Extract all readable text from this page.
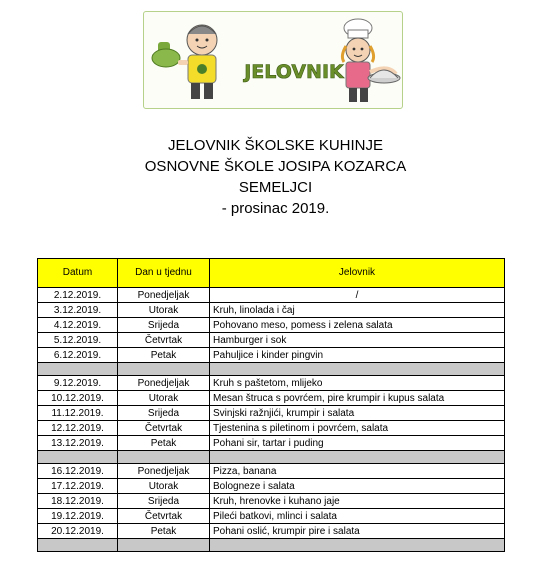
JELOVNIK
JELOVNIK ŠKOLSKE KUHINJE
OSNOVNE ŠKOLE JOSIPA KOZARCA
SEMELJCI
- prosinac 2019.
Datum	Dan u tjednu	Jelovnik
2.12.2019.	Ponedjeljak	/
3.12.2019.	Utorak	Kruh, linolada i čaj
4.12.2019.	Srijeda	Pohovano meso, pomess i zelena salata
5.12.2019.	Četvrtak	Hamburger i sok
6.12.2019.	Petak	Pahuljice i kinder pingvin

9.12.2019.	Ponedjeljak	Kruh s paštetom, mlijeko
10.12.2019.	Utorak	Mesan štruca s povrćem, pire krumpir i kupus salata
11.12.2019.	Srijeda	Svinjski ražnjići, krumpir i salata
12.12.2019.	Četvrtak	Tjestenina s piletinom i povrćem, salata
13.12.2019.	Petak	Pohani sir, tartar i puding

16.12.2019.	Ponedjeljak	Pizza, banana
17.12.2019.	Utorak	Bologneze i salata
18.12.2019.	Srijeda	Kruh, hrenovke i kuhano jaje
19.12.2019.	Četvrtak	Pileći batkovi, mlinci i salata
20.12.2019.	Petak	Pohani oslić, krumpir pire i salata
